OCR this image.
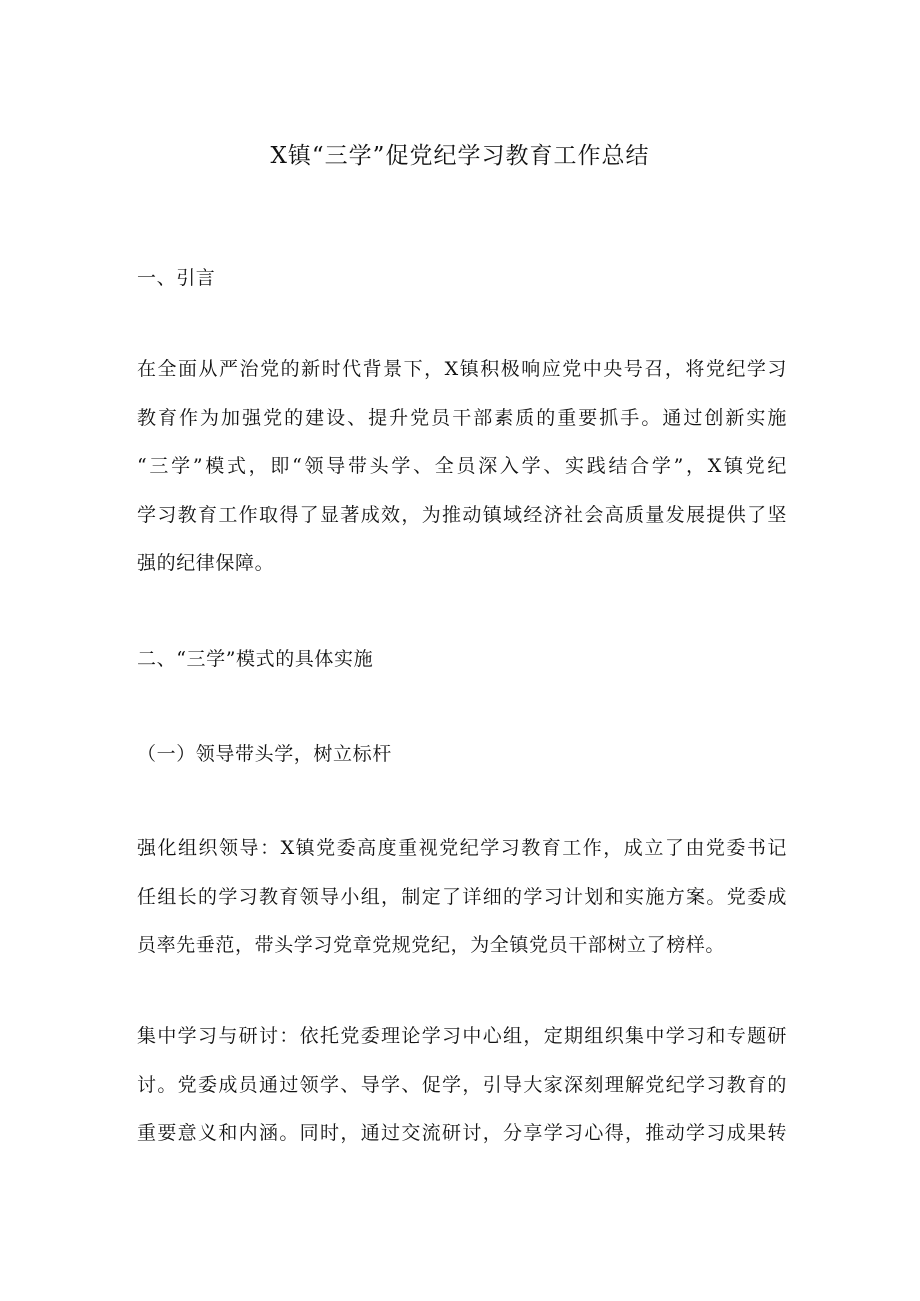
X镇“三学”促党纪学习教育工作总结
一、引言
在全面从严治党的新时代背景下，X镇积极响应党中央号召，将党纪学习
教育作为加强党的建设、提升党员干部素质的重要抓手。通过创新实施
“三学”模式，即“领导带头学、全员深入学、实践结合学”，X镇党纪
学习教育工作取得了显著成效，为推动镇域经济社会高质量发展提供了坚
强的纪律保障。
二、“三学”模式的具体实施
（一）领导带头学，树立标杆
强化组织领导：X镇党委高度重视党纪学习教育工作，成立了由党委书记
任组长的学习教育领导小组，制定了详细的学习计划和实施方案。党委成
员率先垂范，带头学习党章党规党纪，为全镇党员干部树立了榜样。
集中学习与研讨：依托党委理论学习中心组，定期组织集中学习和专题研
讨。党委成员通过领学、导学、促学，引导大家深刻理解党纪学习教育的
重要意义和内涵。同时，通过交流研讨，分享学习心得，推动学习成果转
